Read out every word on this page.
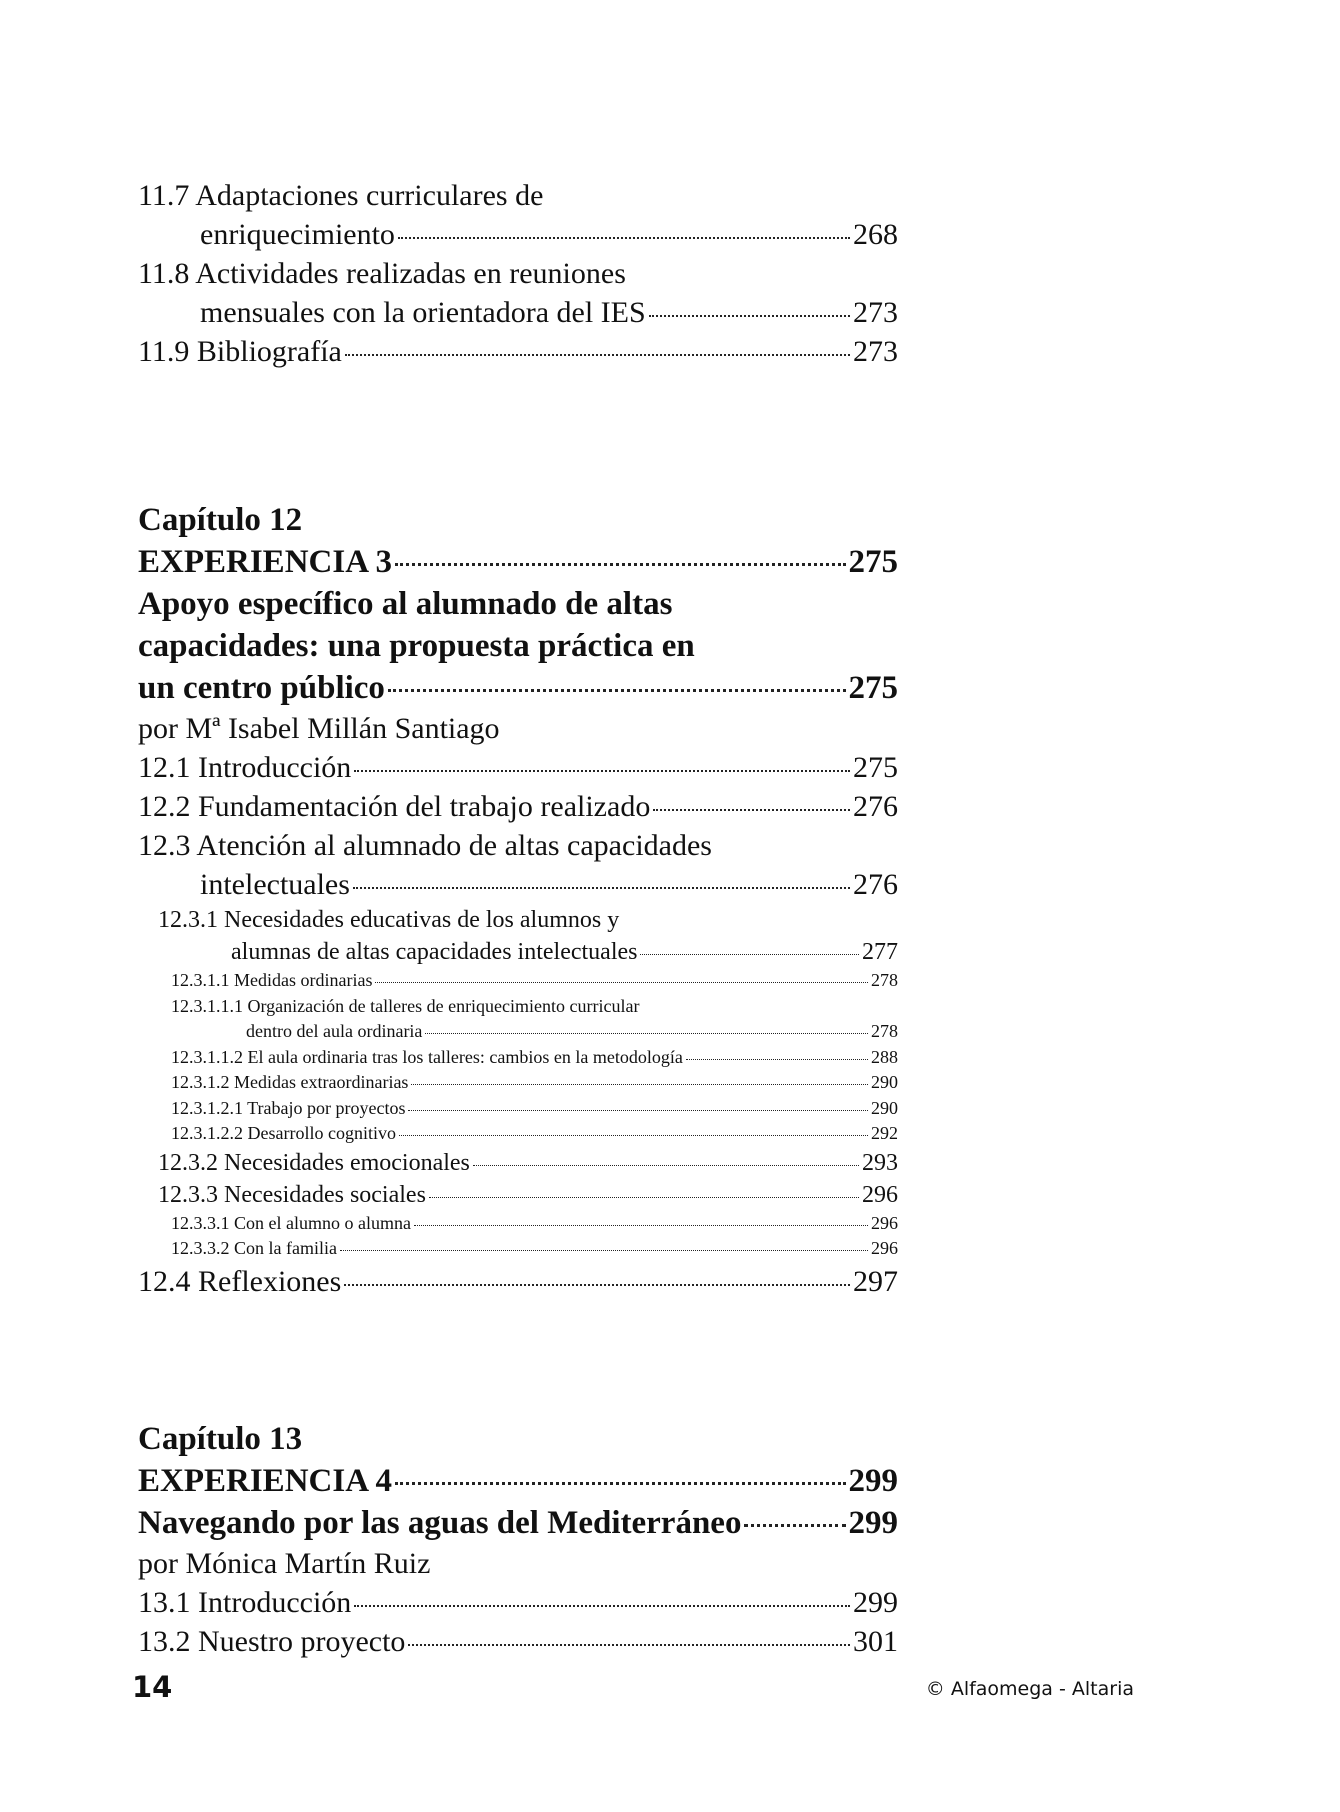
11.7 Adaptaciones curriculares de
enriquecimiento	268
11.8 Actividades realizadas en reuniones
mensuales con la orientadora del IES	273
11.9 Bibliografía	273
Capítulo 12
EXPERIENCIA 3	275
Apoyo específico al alumnado de altas
capacidades: una propuesta práctica en
un centro público	275
por Mª Isabel Millán Santiago
12.1 Introducción	275
12.2 Fundamentación del trabajo realizado	276
12.3 Atención al alumnado de altas capacidades
intelectuales	276
12.3.1 Necesidades educativas de los alumnos y
alumnas de altas capacidades intelectuales	277
12.3.1.1 Medidas ordinarias	278
12.3.1.1.1 Organización de talleres de enriquecimiento curricular
dentro del aula ordinaria	278
12.3.1.1.2 El aula ordinaria tras los talleres: cambios en la metodología	288
12.3.1.2 Medidas extraordinarias	290
12.3.1.2.1 Trabajo por proyectos	290
12.3.1.2.2 Desarrollo cognitivo	292
12.3.2 Necesidades emocionales	293
12.3.3 Necesidades sociales	296
12.3.3.1 Con el alumno o alumna	296
12.3.3.2 Con la familia	296
12.4 Reflexiones	297
Capítulo 13
EXPERIENCIA 4	299
Navegando por las aguas del Mediterráneo	299
por Mónica Martín Ruiz
13.1 Introducción	299
13.2 Nuestro proyecto	301
14	© Alfaomega - Altaria
